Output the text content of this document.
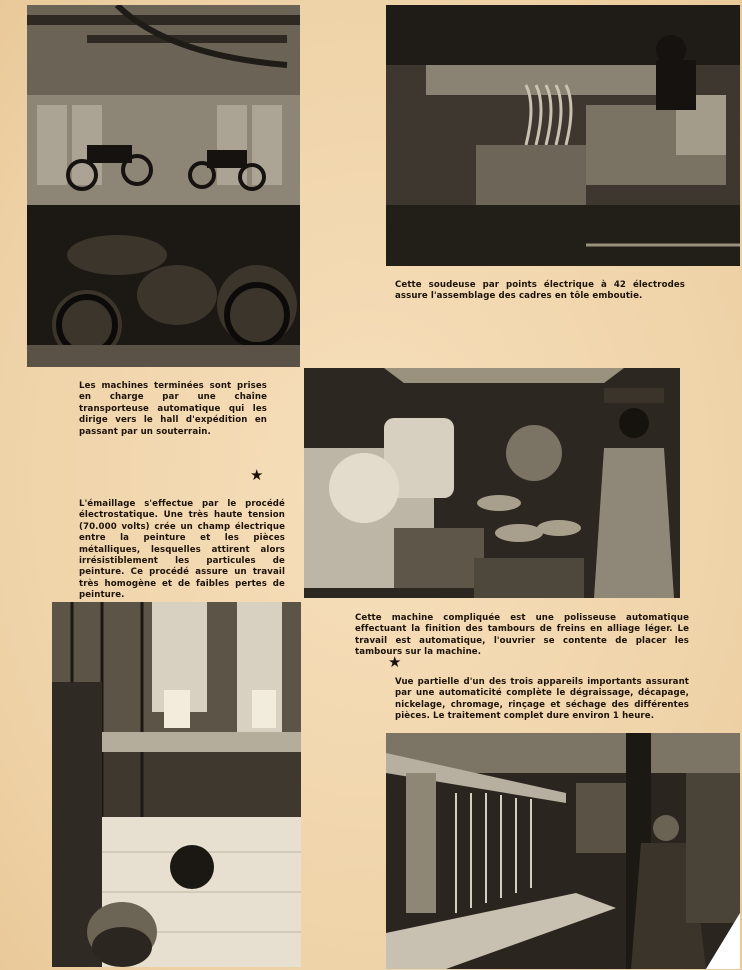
Cette soudeuse par points électrique à 42 électrodes assure l'assemblage des cadres en tôle emboutie.
Les machines terminées sont prises en charge par une chaîne transporteuse automatique qui les dirige vers le hall d'expédition en passant par un souterrain.
★
L'émaillage s'effectue par le procédé électrostatique. Une très haute tension (70.000 volts) crée un champ électrique entre la peinture et les pièces métalliques, lesquelles attirent alors irrésistiblement les particules de peinture. Ce procédé assure un travail très homogène et de faibles pertes de peinture.
Cette machine compliquée est une polisseuse automatique effectuant la finition des tambours de freins en alliage léger. Le travail est automatique, l'ouvrier se contente de placer les tambours sur la machine.
★
Vue partielle d'un des trois appareils importants assurant par une automaticité complète le dégraissage, décapage, nickelage, chromage, rinçage et séchage des différentes pièces. Le traitement complet dure environ 1 heure.
